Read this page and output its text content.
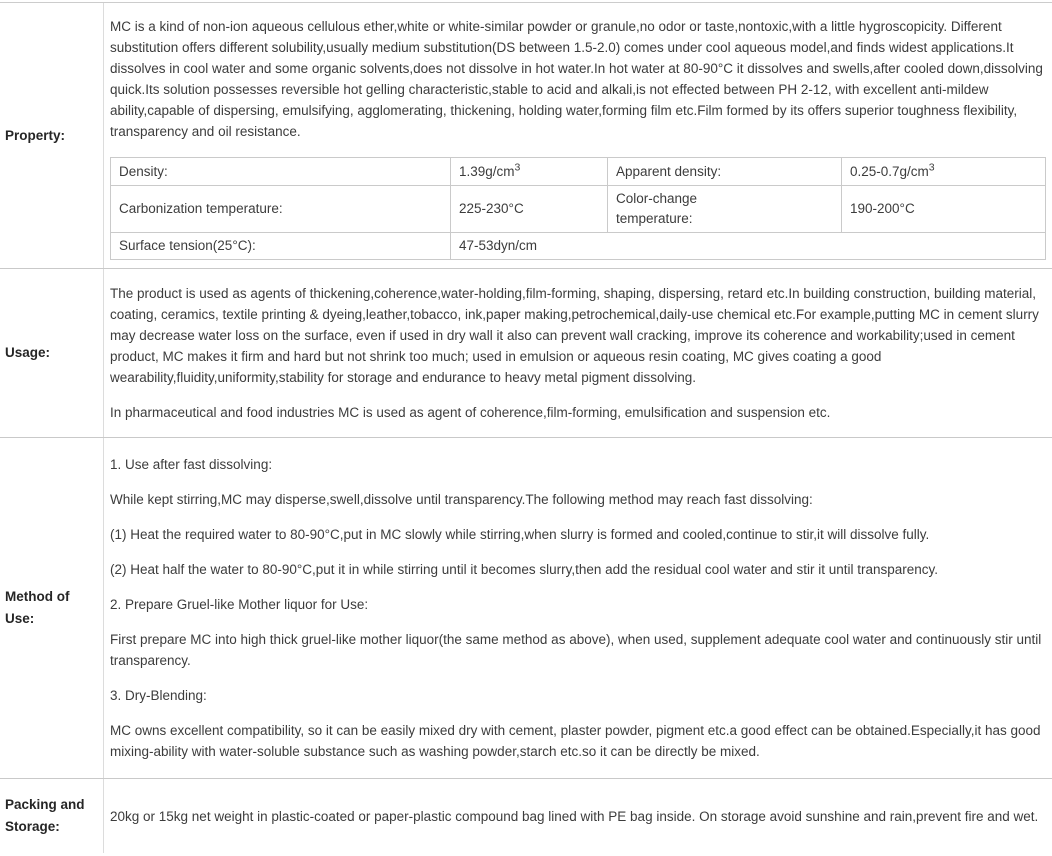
Property:

MC is a kind of non-ion aqueous cellulous ether,white or white-similar powder or granule,no odor or taste,nontoxic,with a little hygroscopicity. Different substitution offers different solubility,usually medium substitution(DS between 1.5-2.0) comes under cool aqueous model,and finds widest applications.It dissolves in cool water and some organic solvents,does not dissolve in hot water.In hot water at 80-90°C it dissolves and swells,after cooled down,dissolving quick.Its solution possesses reversible hot gelling characteristic,stable to acid and alkali,is not effected between PH 2-12, with excellent anti-mildew ability,capable of dispersing, emulsifying, agglomerating, thickening, holding water,forming film etc.Film formed by its offers superior toughness flexibility, transparency and oil resistance.

Density:	$1.39g/cm^3$	Apparent density:	$0.25-0.7g/cm^3$
Carbonization temperature:	225-230°C	Color-change temperature:	190-200°C
Surface tension(25°C):	47-53dyn/cm		
Usage:

The product is used as agents of thickening,coherence,water-holding,film-forming, shaping, dispersing, retard etc.In building construction, building material, coating, ceramics, textile printing & dyeing,leather,tobacco, ink,paper making,petrochemical,daily-use chemical etc.For example,putting MC in cement slurry may decrease water loss on the surface, even if used in dry wall it also can prevent wall cracking, improve its coherence and workability;used in cement product, MC makes it firm and hard but not shrink too much; used in emulsion or aqueous resin coating, MC gives coating a good wearability,fluidity,uniformity,stability for storage and endurance to heavy metal pigment dissolving.

In pharmaceutical and food industries MC is used as agent of coherence,film-forming, emulsification and suspension etc.

Method of Use:

1. Use after fast dissolving:

While kept stirring,MC may disperse,swell,dissolve until transparency.The following method may reach fast dissolving:

(1) Heat the required water to 80-90°C,put in MC slowly while stirring,when slurry is formed and cooled,continue to stir,it will dissolve fully.

(2) Heat half the water to 80-90°C,put it in while stirring until it becomes slurry,then add the residual cool water and stir it until transparency.

2. Prepare Gruel-like Mother liquor for Use:

First prepare MC into high thick gruel-like mother liquor(the same method as above), when used, supplement adequate cool water and continuously stir until transparency.

3. Dry-Blending:

MC owns excellent compatibility, so it can be easily mixed dry with cement, plaster powder, pigment etc.a good effect can be obtained.Especially,it has good mixing-ability with water-soluble substance such as washing powder,starch etc.so it can be directly be mixed.

Packing and Storage:

20kg or 15kg net weight in plastic-coated or paper-plastic compound bag lined with PE bag inside. On storage avoid sunshine and rain,prevent fire and wet.
